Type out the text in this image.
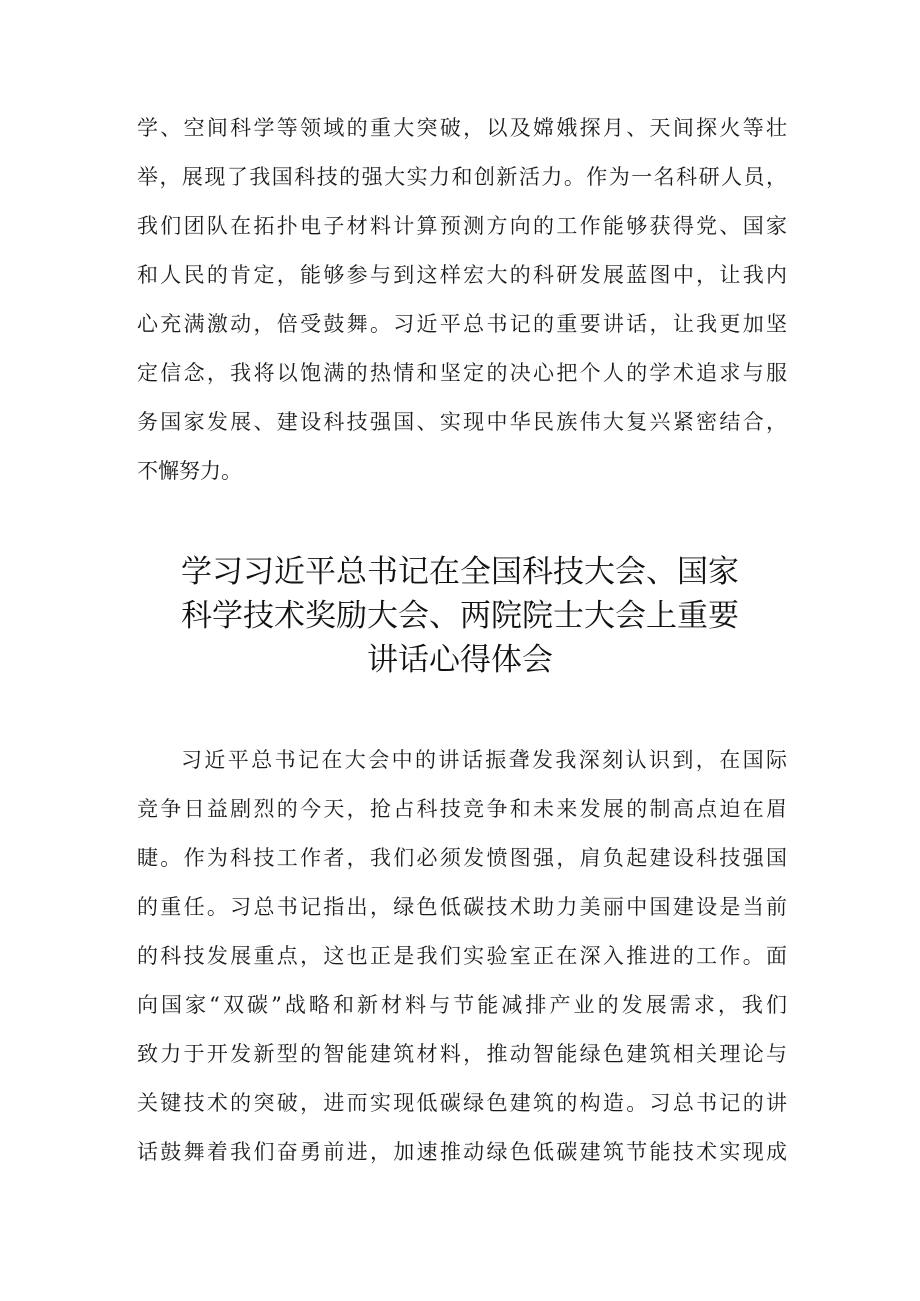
学、空间科学等领域的重大突破，以及嫦娥探月、天间探火等壮
举，展现了我国科技的强大实力和创新活力。作为一名科研人员，
我们团队在拓扑电子材料计算预测方向的工作能够获得党、国家
和人民的肯定，能够参与到这样宏大的科研发展蓝图中，让我内
心充满激动，倍受鼓舞。习近平总书记的重要讲话，让我更加坚
定信念，我将以饱满的热情和坚定的决心把个人的学术追求与服
务国家发展、建设科技强国、实现中华民族伟大复兴紧密结合，
不懈努力。
学习习近平总书记在全国科技大会、国家
科学技术奖励大会、两院院士大会上重要
讲话心得体会
习近平总书记在大会中的讲话振聋发我深刻认识到，在国际
竞争日益剧烈的今天，抢占科技竞争和未来发展的制高点迫在眉
睫。作为科技工作者，我们必须发愤图强，肩负起建设科技强国
的重任。习总书记指出，绿色低碳技术助力美丽中国建设是当前
的科技发展重点，这也正是我们实验室正在深入推进的工作。面
向国家“双碳”战略和新材料与节能减排产业的发展需求，我们
致力于开发新型的智能建筑材料，推动智能绿色建筑相关理论与
关键技术的突破，进而实现低碳绿色建筑的构造。习总书记的讲
话鼓舞着我们奋勇前进，加速推动绿色低碳建筑节能技术实现成
